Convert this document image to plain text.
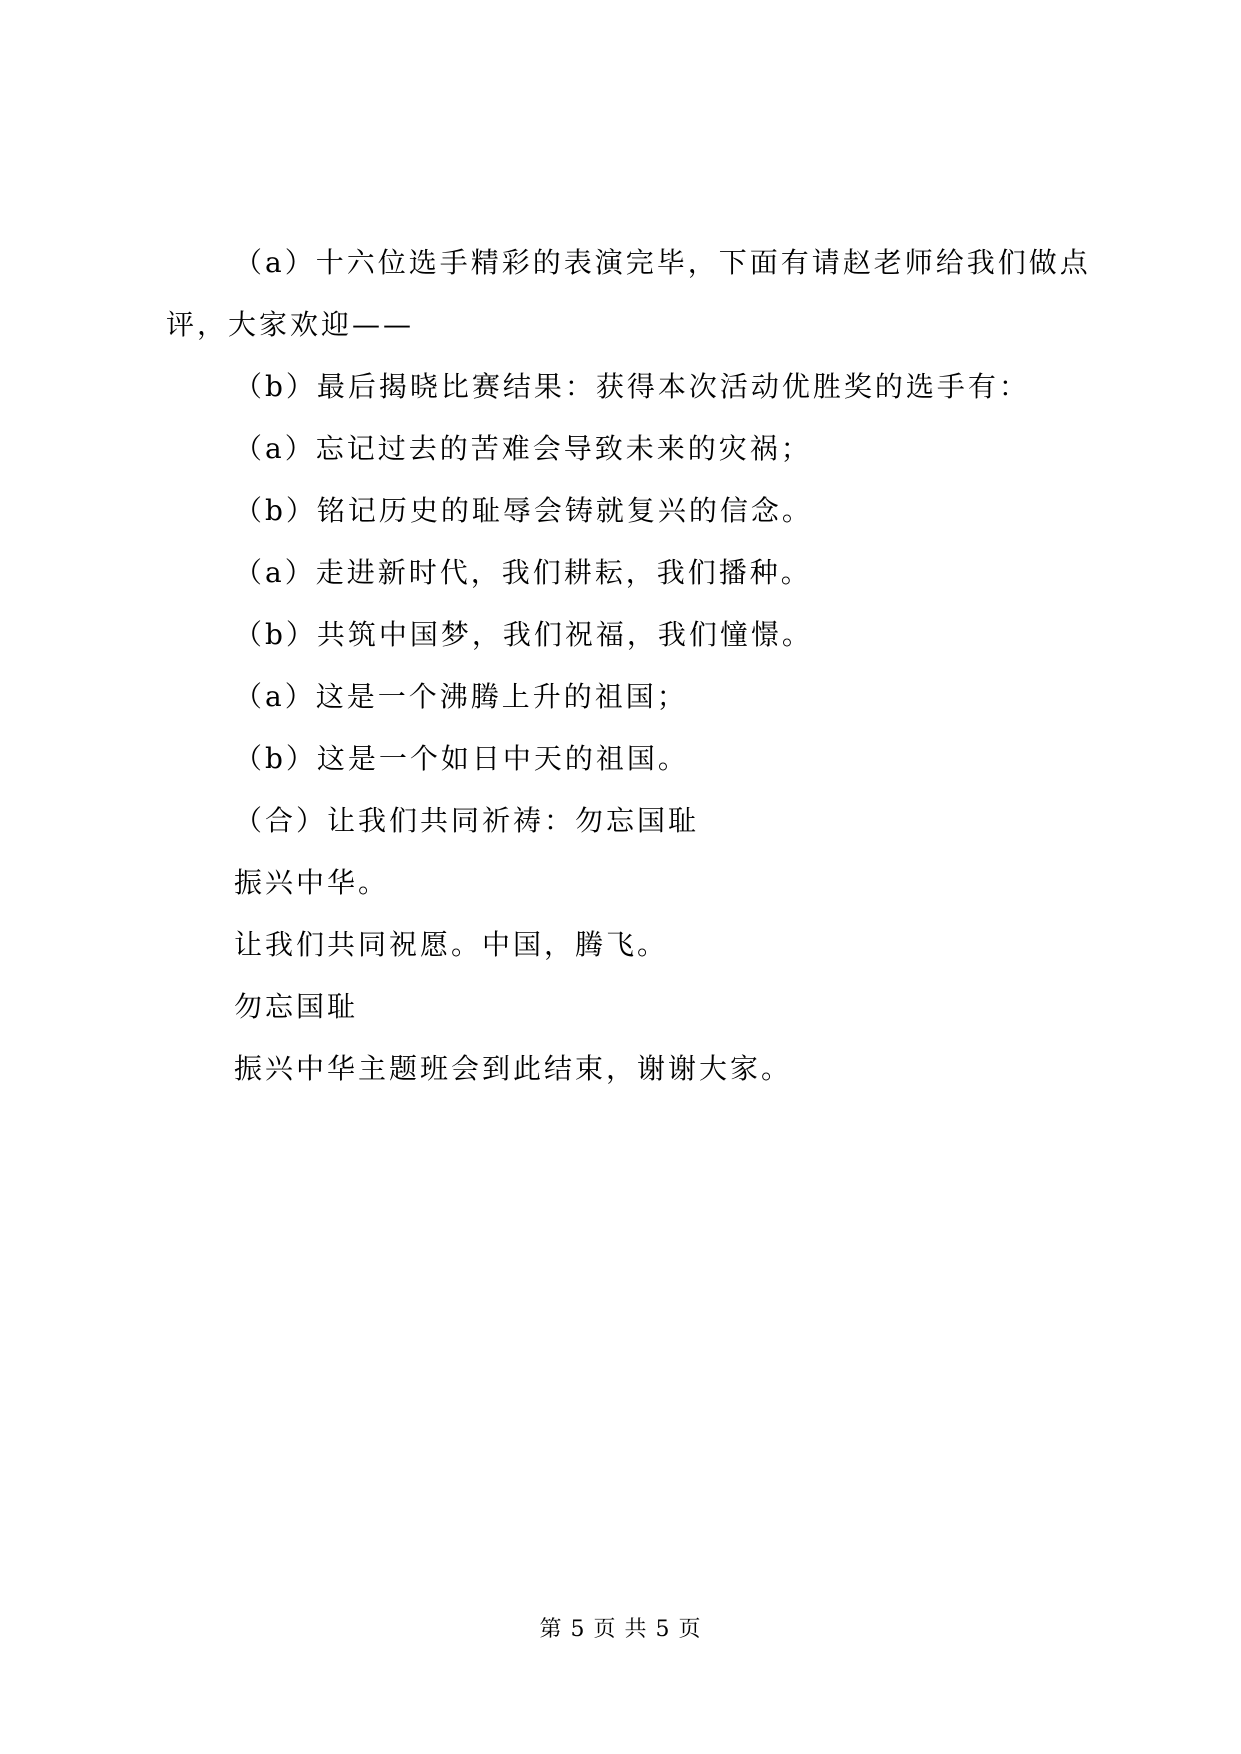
（a）十六位选手精彩的表演完毕，下面有请赵老师给我们做点评，大家欢迎——

（b）最后揭晓比赛结果：获得本次活动优胜奖的选手有：

（a）忘记过去的苦难会导致未来的灾祸；

（b）铭记历史的耻辱会铸就复兴的信念。

（a）走进新时代，我们耕耘，我们播种。

（b）共筑中国梦，我们祝福，我们憧憬。

（a）这是一个沸腾上升的祖国；

（b）这是一个如日中天的祖国。

（合）让我们共同祈祷：勿忘国耻

振兴中华。

让我们共同祝愿。中国，腾飞。

勿忘国耻

振兴中华主题班会到此结束，谢谢大家。

第 5 页 共 5 页
